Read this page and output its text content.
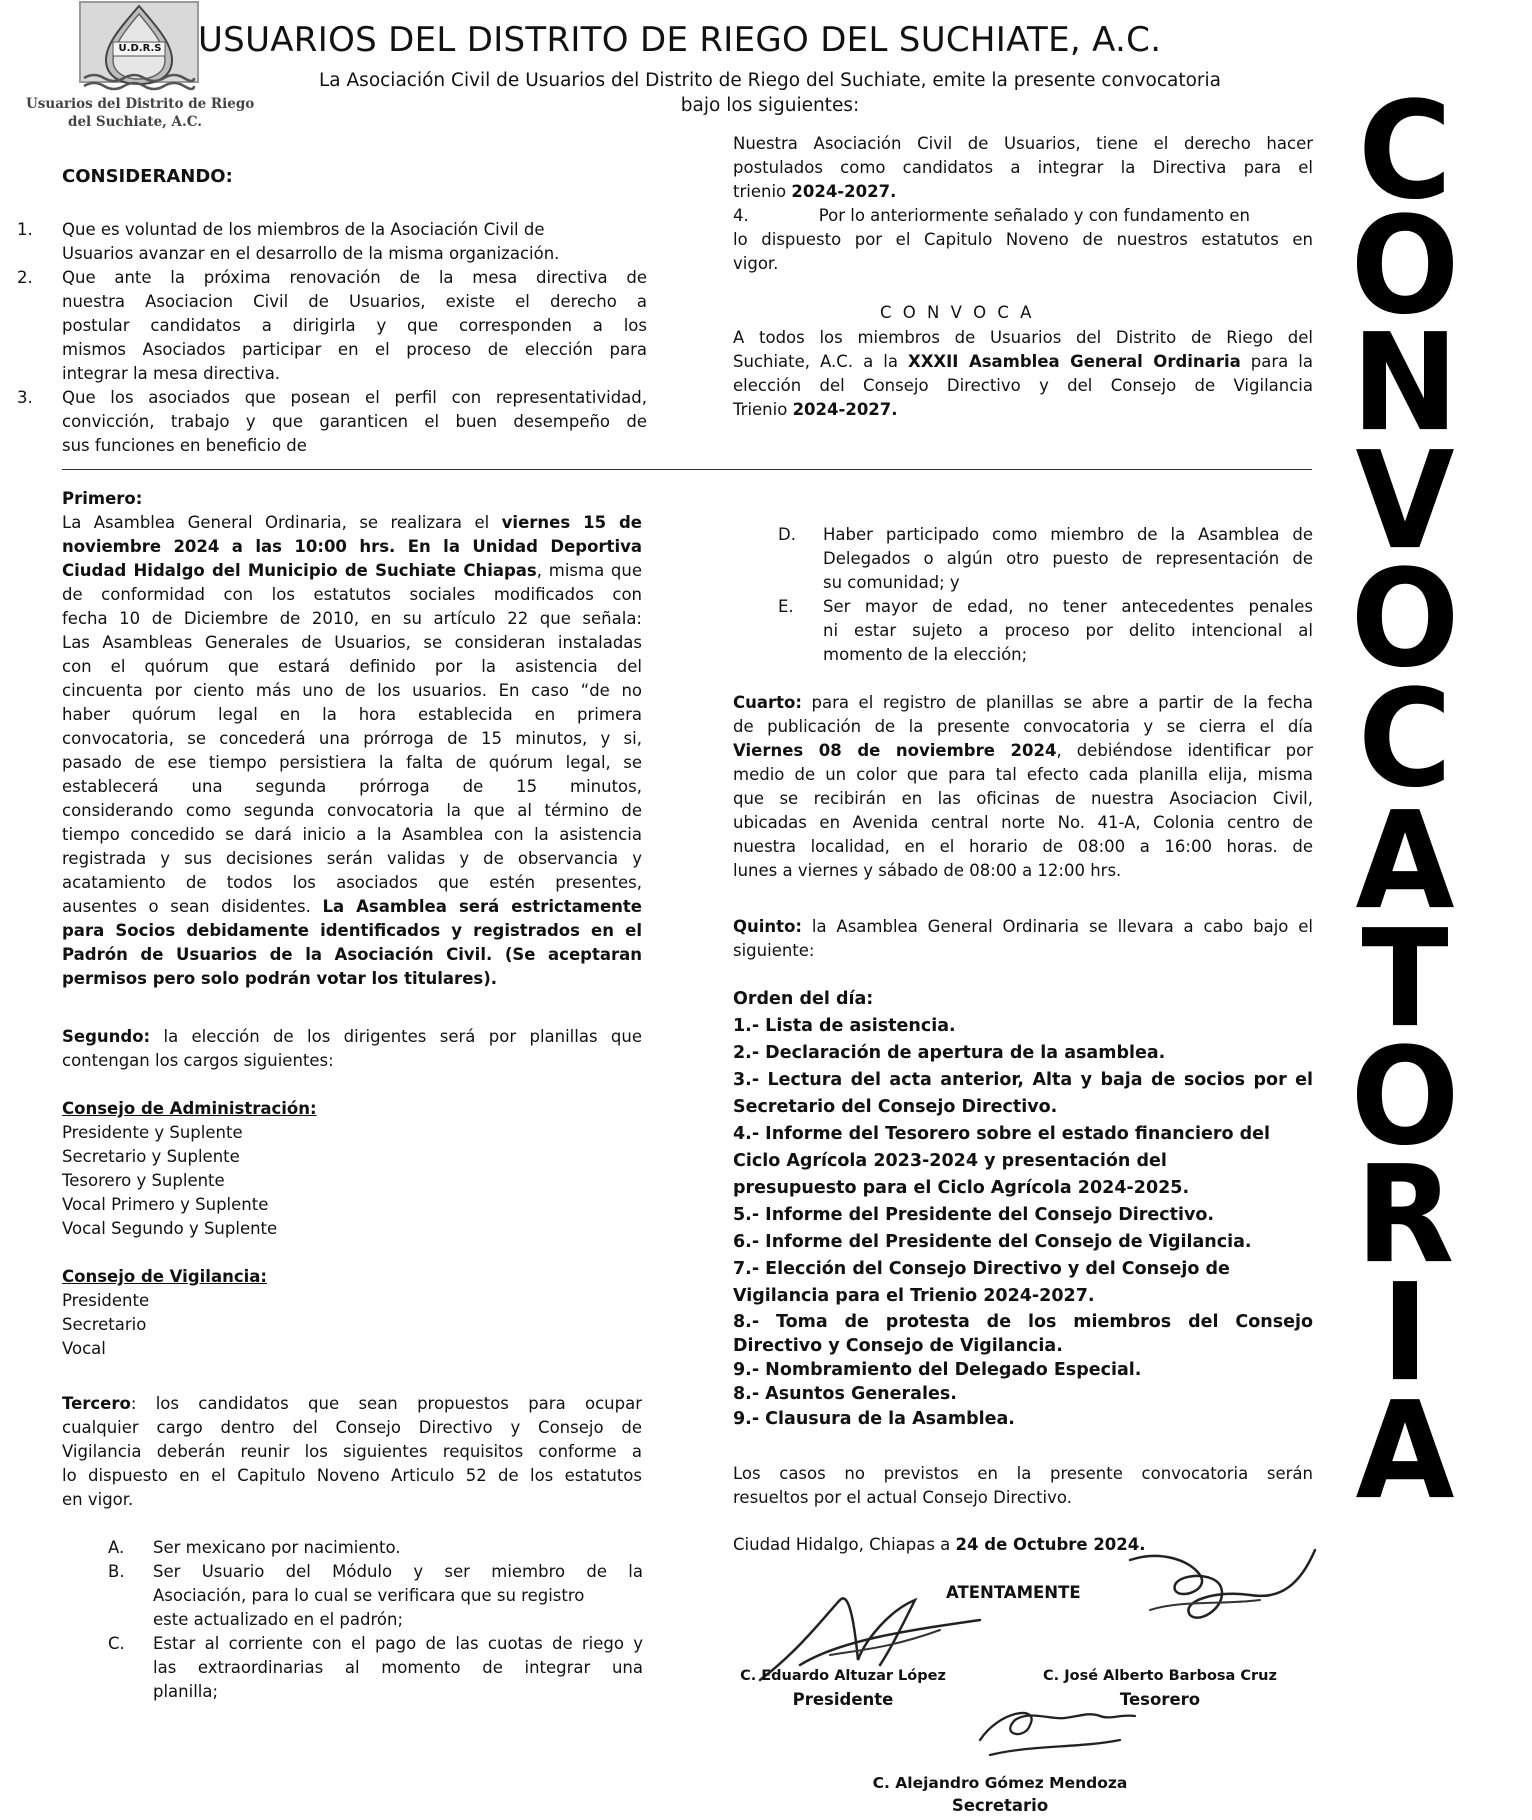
U.D.R.S
Usuarios del Distrito de Riego
del Suchiate, A.C.
USUARIOS DEL DISTRITO DE RIEGO DEL SUCHIATE, A.C.
La Asociación Civil de Usuarios del Distrito de Riego del Suchiate, emite la presente convocatoria
bajo los siguientes:	C
O
N
V
O
C
A
T
O
R
I
A
CONSIDERANDO:
1. Que es voluntad de los miembros de la Asociación Civil de
Usuarios avanzar en el desarrollo de la misma organización.
2. Que ante la próxima renovación de la mesa directiva de
nuestra Asociacion Civil de Usuarios, existe el derecho a
postular candidatos a dirigirla y que corresponden a los
mismos Asociados participar en el proceso de elección para
integrar la mesa directiva.
3. Que los asociados que posean el perfil con representatividad,
convicción, trabajo y que garanticen el buen desempeño de
sus funciones en beneficio de
Nuestra Asociación Civil de Usuarios, tiene el derecho hacer
postulados como candidatos a integrar la Directiva para el
trienio 2024-2027.
4.	Por lo anteriormente señalado y con fundamento en
lo dispuesto por el Capitulo Noveno de nuestros estatutos en
vigor.
C O N V O C A
A todos los miembros de Usuarios del Distrito de Riego del
Suchiate, A.C. a la XXXII Asamblea General Ordinaria para la
elección del Consejo Directivo y del Consejo de Vigilancia
Trienio 2024-2027.
Primero:
La Asamblea General Ordinaria, se realizara el viernes 15 de
noviembre 2024 a las 10:00 hrs. En la Unidad Deportiva
Ciudad Hidalgo del Municipio de Suchiate Chiapas, misma que
de conformidad con los estatutos sociales modificados con
fecha 10 de Diciembre de 2010, en su artículo 22 que señala:
Las Asambleas Generales de Usuarios, se consideran instaladas
con el quórum que estará definido por la asistencia del
cincuenta por ciento más uno de los usuarios. En caso “de no
haber quórum legal en la hora establecida en primera
convocatoria, se concederá una prórroga de 15 minutos, y si,
pasado de ese tiempo persistiera la falta de quórum legal, se
establecerá una segunda prórroga de 15 minutos,
considerando como segunda convocatoria la que al término de
tiempo concedido se dará inicio a la Asamblea con la asistencia
registrada y sus decisiones serán validas y de observancia y
acatamiento de todos los asociados que estén presentes,
ausentes o sean disidentes. La Asamblea será estrictamente
para Socios debidamente identificados y registrados en el
Padrón de Usuarios de la Asociación Civil. (Se aceptaran
permisos pero solo podrán votar los titulares).
Segundo: la elección de los dirigentes será por planillas que
contengan los cargos siguientes:
Consejo de Administración:
Presidente y Suplente
Secretario y Suplente
Tesorero y Suplente
Vocal Primero y Suplente
Vocal Segundo y Suplente
Consejo de Vigilancia:
Presidente
Secretario
Vocal
Tercero: los candidatos que sean propuestos para ocupar
cualquier cargo dentro del Consejo Directivo y Consejo de
Vigilancia deberán reunir los siguientes requisitos conforme a
lo dispuesto en el Capitulo Noveno Articulo 52 de los estatutos
en vigor.
A. Ser mexicano por nacimiento.
B. Ser Usuario del Módulo y ser miembro de la
Asociación, para lo cual se verificara que su registro
este actualizado en el padrón;
C. Estar al corriente con el pago de las cuotas de riego y
las extraordinarias al momento de integrar una
planilla;
D. Haber participado como miembro de la Asamblea de
Delegados o algún otro puesto de representación de
su comunidad; y
E. Ser mayor de edad, no tener antecedentes penales
ni estar sujeto a proceso por delito intencional al
momento de la elección;
Cuarto: para el registro de planillas se abre a partir de la fecha
de publicación de la presente convocatoria y se cierra el día
Viernes 08 de noviembre 2024, debiéndose identificar por
medio de un color que para tal efecto cada planilla elija, misma
que se recibirán en las oficinas de nuestra Asociacion Civil,
ubicadas en Avenida central norte No. 41-A, Colonia centro de
nuestra localidad, en el horario de 08:00 a 16:00 horas. de
lunes a viernes y sábado de 08:00 a 12:00 hrs.
Quinto: la Asamblea General Ordinaria se llevara a cabo bajo el
siguiente:
Orden del día:
1.- Lista de asistencia.
2.- Declaración de apertura de la asamblea.
3.- Lectura del acta anterior, Alta y baja de socios por el
Secretario del Consejo Directivo.
4.- Informe del Tesorero sobre el estado financiero del
Ciclo Agrícola 2023-2024 y presentación del
presupuesto para el Ciclo Agrícola 2024-2025.
5.- Informe del Presidente del Consejo Directivo.
6.- Informe del Presidente del Consejo de Vigilancia.
7.- Elección del Consejo Directivo y del Consejo de
Vigilancia para el Trienio 2024-2027.
8.- Toma de protesta de los miembros del Consejo
Directivo y Consejo de Vigilancia.
9.- Nombramiento del Delegado Especial.
8.- Asuntos Generales.
9.- Clausura de la Asamblea.
Los casos no previstos en la presente convocatoria serán
resueltos por el actual Consejo Directivo.
Ciudad Hidalgo, Chiapas a 24 de Octubre 2024.
ATENTAMENTE
C. Eduardo Altuzar López
Presidente
C. José Alberto Barbosa Cruz
Tesorero
C. Alejandro Gómez Mendoza
Secretario
